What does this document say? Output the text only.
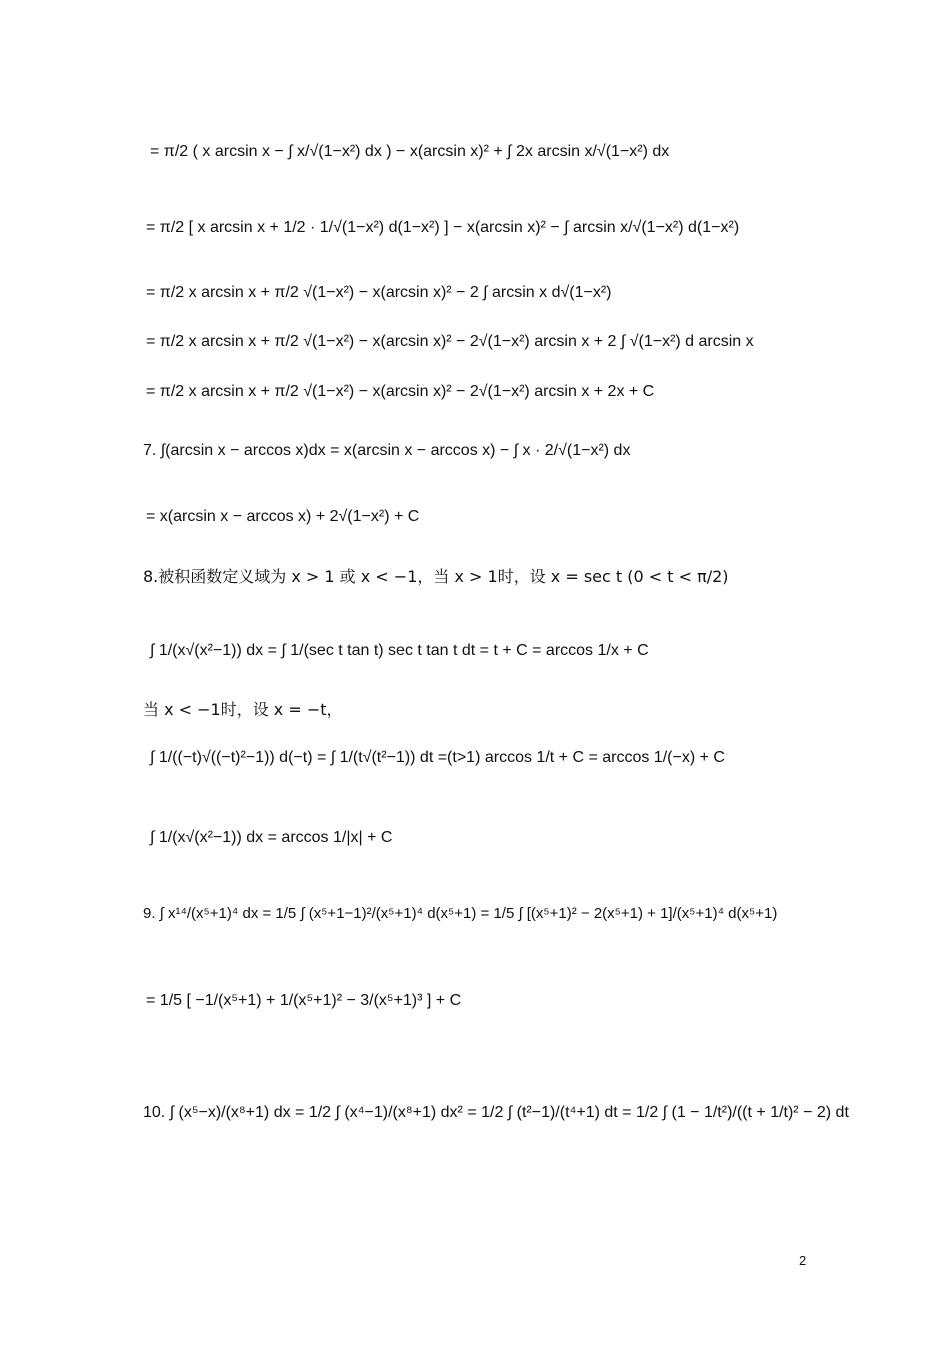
= π/2 ( x arcsin x − ∫ x/√(1−x²) dx ) − x(arcsin x)² + ∫ 2x arcsin x/√(1−x²) dx
= π/2 [ x arcsin x + 1/2 · 1/√(1−x²) d(1−x²) ] − x(arcsin x)² − ∫ arcsin x/√(1−x²) d(1−x²)
= π/2 x arcsin x + π/2 √(1−x²) − x(arcsin x)² − 2 ∫ arcsin x d√(1−x²)
= π/2 x arcsin x + π/2 √(1−x²) − x(arcsin x)² − 2√(1−x²) arcsin x + 2 ∫ √(1−x²) d arcsin x
= π/2 x arcsin x + π/2 √(1−x²) − x(arcsin x)² − 2√(1−x²) arcsin x + 2x + C
7. ∫(arcsin x − arccos x)dx = x(arcsin x − arccos x) − ∫ x · 2/√(1−x²) dx
= x(arcsin x − arccos x) + 2√(1−x²) + C
8.被积函数定义域为 x > 1 或 x < −1，当 x > 1时，设 x = sec t (0 < t < π/2)
∫ 1/(x√(x²−1)) dx = ∫ 1/(sec t tan t) sec t tan t dt = t + C = arccos 1/x + C
当 x < −1时，设 x = −t，
∫ 1/((−t)√((−t)²−1)) d(−t) = ∫ 1/(t√(t²−1)) dt =(t>1) arccos 1/t + C = arccos 1/(−x) + C
∫ 1/(x√(x²−1)) dx = arccos 1/|x| + C
9. ∫ x¹⁴/(x⁵+1)⁴ dx = 1/5 ∫ (x⁵+1−1)²/(x⁵+1)⁴ d(x⁵+1) = 1/5 ∫ [(x⁵+1)² − 2(x⁵+1) + 1]/(x⁵+1)⁴ d(x⁵+1)
= 1/5 [ −1/(x⁵+1) + 1/(x⁵+1)² − 3/(x⁵+1)³ ] + C
10. ∫ (x⁵−x)/(x⁸+1) dx = 1/2 ∫ (x⁴−1)/(x⁸+1) dx² = 1/2 ∫ (t²−1)/(t⁴+1) dt = 1/2 ∫ (1 − 1/t²)/((t + 1/t)² − 2) dt
2
